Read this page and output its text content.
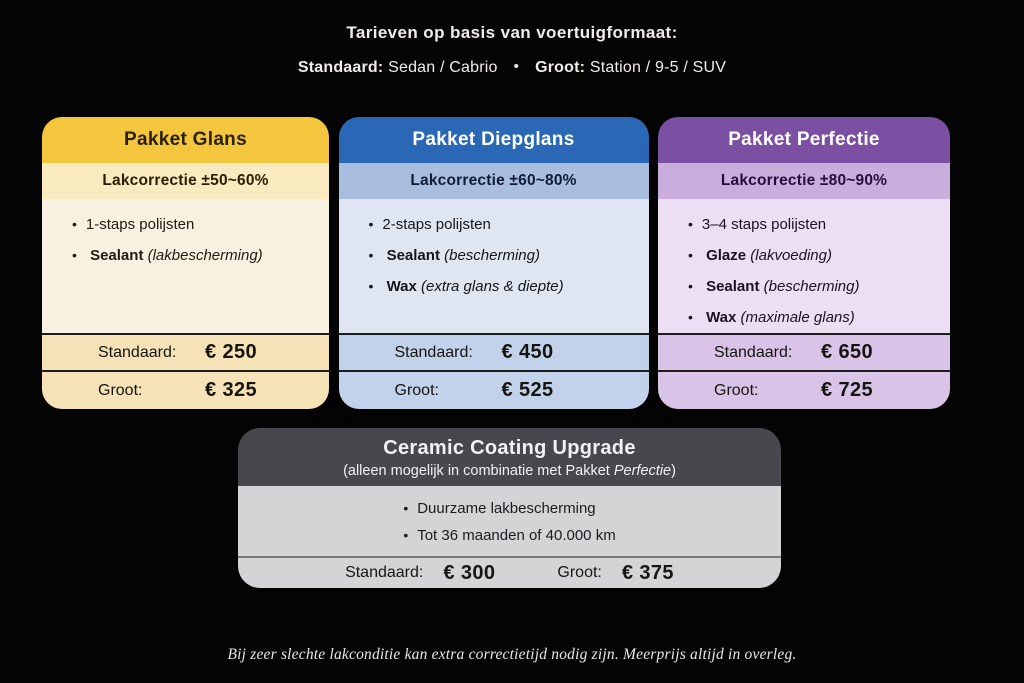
Tarieven op basis van voertuigformaat:
Standaard: Sedan / Cabrio • Groot: Station / 9-5 / SUV
Pakket Glans
Lakcorrectie ±50~60%
• 1-staps polijsten
• Sealant (lakbescherming)
Standaard:	€ 250
Groot:	€ 325
Pakket Diepglans
Lakcorrectie ±60~80%
• 2-staps polijsten
• Sealant (bescherming)
• Wax (extra glans & diepte)
Standaard:	€ 450
Groot:	€ 525
Pakket Perfectie
Lakcorrectie ±80~90%
• 3–4 staps polijsten
• Glaze (lakvoeding)
• Sealant (bescherming)
• Wax (maximale glans)
Standaard:	€ 650
Groot:	€ 725
Ceramic Coating Upgrade
(alleen mogelijk in combinatie met Pakket Perfectie)
• Duurzame lakbescherming
• Tot 36 maanden of 40.000 km
Standaard: € 300	Groot: € 375
Bij zeer slechte lakconditie kan extra correctietijd nodig zijn. Meerprijs altijd in overleg.
